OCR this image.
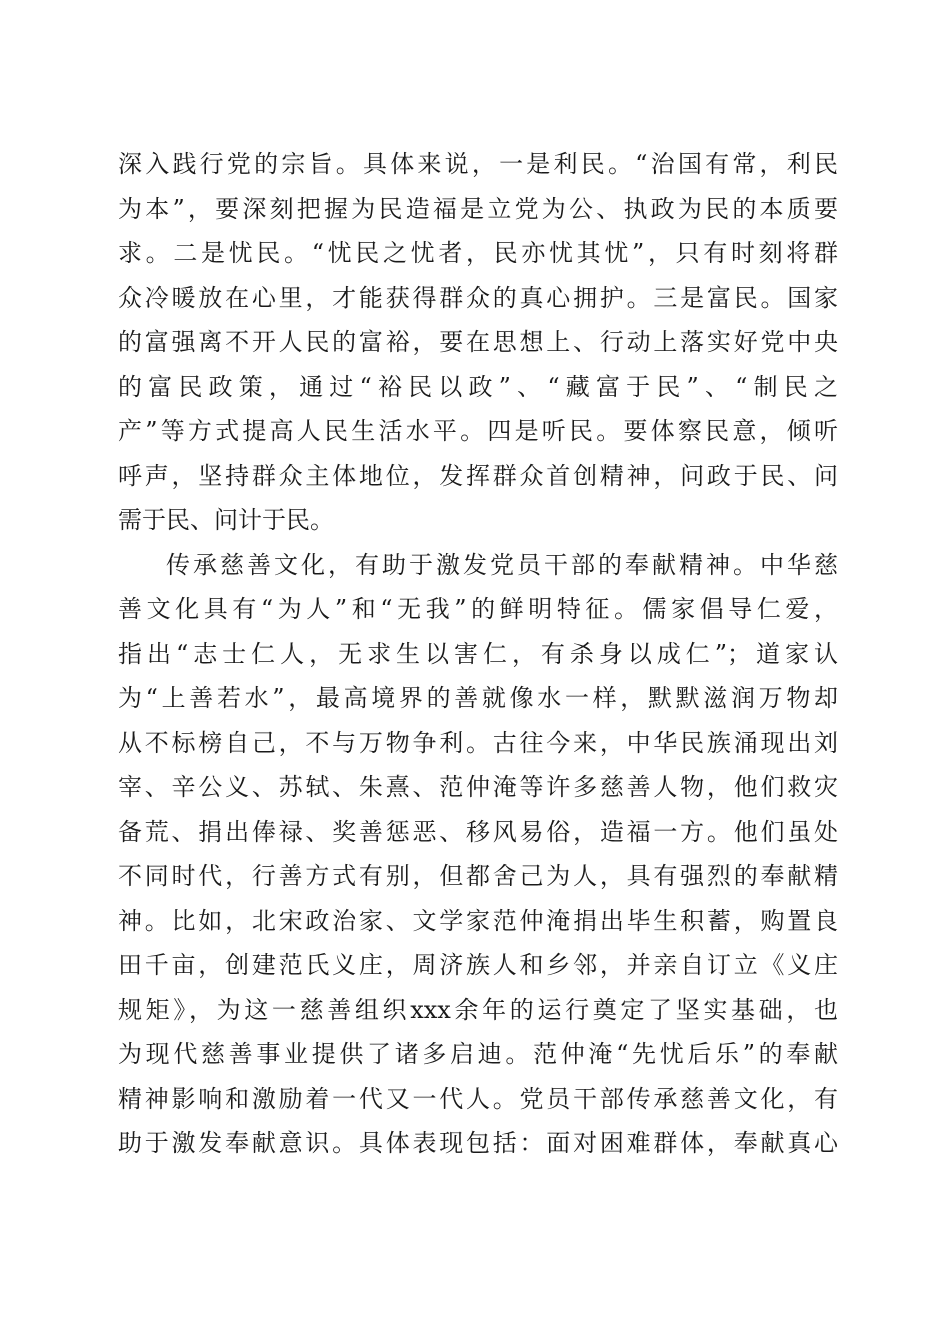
深入践行党的宗旨。具体来说，一是利民。“治国有常，利民
为本”，要深刻把握为民造福是立党为公、执政为民的本质要
求。二是忧民。“忧民之忧者，民亦忧其忧”，只有时刻将群
众冷暖放在心里，才能获得群众的真心拥护。三是富民。国家
的富强离不开人民的富裕，要在思想上、行动上落实好党中央
的富民政策，通过“裕民以政”、“藏富于民”、“制民之
产”等方式提高人民生活水平。四是听民。要体察民意，倾听
呼声，坚持群众主体地位，发挥群众首创精神，问政于民、问
需于民、问计于民。
传承慈善文化，有助于激发党员干部的奉献精神。中华慈
善文化具有“为人”和“无我”的鲜明特征。儒家倡导仁爱，
指出“志士仁人，无求生以害仁，有杀身以成仁”；道家认
为“上善若水”，最高境界的善就像水一样，默默滋润万物却
从不标榜自己，不与万物争利。古往今来，中华民族涌现出刘
宰、辛公义、苏轼、朱熹、范仲淹等许多慈善人物，他们救灾
备荒、捐出俸禄、奖善惩恶、移风易俗，造福一方。他们虽处
不同时代，行善方式有别，但都舍己为人，具有强烈的奉献精
神。比如，北宋政治家、文学家范仲淹捐出毕生积蓄，购置良
田千亩，创建范氏义庄，周济族人和乡邻，并亲自订立《义庄
规矩》，为这一慈善组织xxx余年的运行奠定了坚实基础，也
为现代慈善事业提供了诸多启迪。范仲淹“先忧后乐”的奉献
精神影响和激励着一代又一代人。党员干部传承慈善文化，有
助于激发奉献意识。具体表现包括：面对困难群体，奉献真心
